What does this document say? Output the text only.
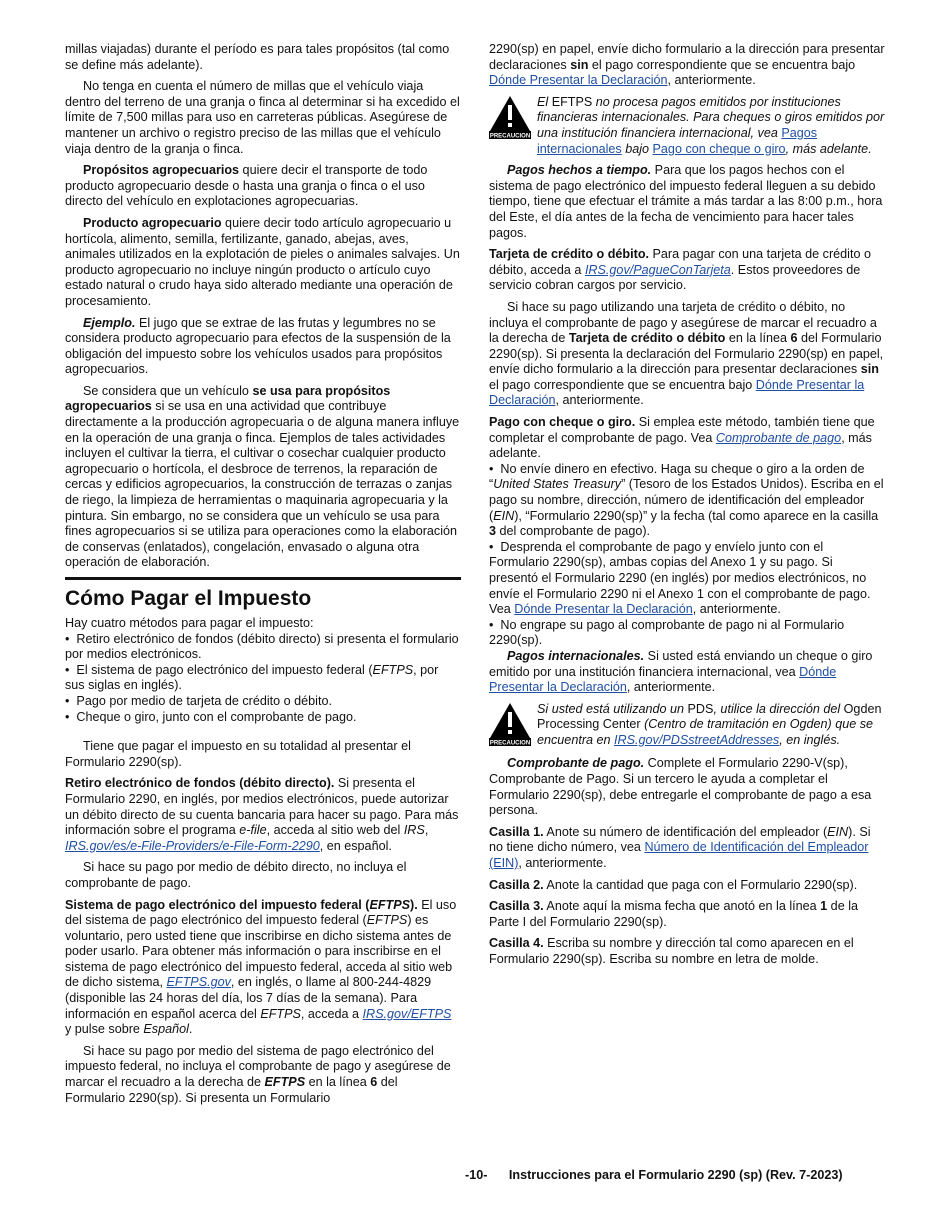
millas viajadas) durante el período es para tales propósitos (tal como se define más adelante).

No tenga en cuenta el número de millas que el vehículo viaja dentro del terreno de una granja o finca al determinar si ha excedido el límite de 7,500 millas para uso en carreteras públicas. Asegúrese de mantener un archivo o registro preciso de las millas que el vehículo viaja dentro de la granja o finca.

Propósitos agropecuarios quiere decir el transporte de todo producto agropecuario desde o hasta una granja o finca o el uso directo del vehículo en explotaciones agropecuarias.

Producto agropecuario quiere decir todo artículo agropecuario u hortícola, alimento, semilla, fertilizante, ganado, abejas, aves, animales utilizados en la explotación de pieles o animales salvajes. Un producto agropecuario no incluye ningún producto o artículo cuyo estado natural o crudo haya sido alterado mediante una operación de procesamiento.

Ejemplo. El jugo que se extrae de las frutas y legumbres no se considera producto agropecuario para efectos de la suspensión de la obligación del impuesto sobre los vehículos usados para propósitos agropecuarios.

Se considera que un vehículo se usa para propósitos agropecuarios si se usa en una actividad que contribuye directamente a la producción agropecuaria o de alguna manera influye en la operación de una granja o finca. Ejemplos de tales actividades incluyen el cultivar la tierra, el cultivar o cosechar cualquier producto agropecuario o hortícola, el desbroce de terrenos, la reparación de cercas y edificios agropecuarios, la construcción de terrazas o zanjas de riego, la limpieza de herramientas o maquinaria agropecuaria y la pintura. Sin embargo, no se considera que un vehículo se usa para fines agropecuarios si se utiliza para operaciones como la elaboración de conservas (enlatados), congelación, envasado o alguna otra operación de elaboración.

Cómo Pagar el Impuesto

Hay cuatro métodos para pagar el impuesto:

•  Retiro electrónico de fondos (débito directo) si presenta el formulario por medios electrónicos.
•  El sistema de pago electrónico del impuesto federal (EFTPS, por sus siglas en inglés).
•  Pago por medio de tarjeta de crédito o débito.
•  Cheque o giro, junto con el comprobante de pago.

Tiene que pagar el impuesto en su totalidad al presentar el Formulario 2290(sp).

Retiro electrónico de fondos (débito directo). Si presenta el Formulario 2290, en inglés, por medios electrónicos, puede autorizar un débito directo de su cuenta bancaria para hacer su pago. Para más información sobre el programa e-file, acceda al sitio web del IRS, IRS.gov/es/e-File-Providers/e-File-Form-2290, en español.

Si hace su pago por medio de débito directo, no incluya el comprobante de pago.

Sistema de pago electrónico del impuesto federal (EFTPS). El uso del sistema de pago electrónico del impuesto federal (EFTPS) es voluntario, pero usted tiene que inscribirse en dicho sistema antes de poder usarlo. Para obtener más información o para inscribirse en el sistema de pago electrónico del impuesto federal, acceda al sitio web de dicho sistema, EFTPS.gov, en inglés, o llame al 800-244-4829 (disponible las 24 horas del día, los 7 días de la semana). Para información en español acerca del EFTPS, acceda a IRS.gov/EFTPS y pulse sobre Español.

Si hace su pago por medio del sistema de pago electrónico del impuesto federal, no incluya el comprobante de pago y asegúrese de marcar el recuadro a la derecha de EFTPS en la línea 6 del Formulario 2290(sp). Si presenta un Formulario

2290(sp) en papel, envíe dicho formulario a la dirección para presentar declaraciones sin el pago correspondiente que se encuentra bajo Dónde Presentar la Declaración, anteriormente.

PRECAUCION
El EFTPS no procesa pagos emitidos por instituciones financieras internacionales. Para cheques o giros emitidos por una institución financiera internacional, vea Pagos internacionales bajo Pago con cheque o giro, más adelante.

Pagos hechos a tiempo. Para que los pagos hechos con el sistema de pago electrónico del impuesto federal lleguen a su debido tiempo, tiene que efectuar el trámite a más tardar a las 8:00 p.m., hora del Este, el día antes de la fecha de vencimiento para hacer tales pagos.

Tarjeta de crédito o débito. Para pagar con una tarjeta de crédito o débito, acceda a IRS.gov/PagueConTarjeta. Estos proveedores de servicio cobran cargos por servicio.

Si hace su pago utilizando una tarjeta de crédito o débito, no incluya el comprobante de pago y asegúrese de marcar el recuadro a la derecha de Tarjeta de crédito o débito en la línea 6 del Formulario 2290(sp). Si presenta la declaración del Formulario 2290(sp) en papel, envíe dicho formulario a la dirección para presentar declaraciones sin el pago correspondiente que se encuentra bajo Dónde Presentar la Declaración, anteriormente.

Pago con cheque o giro. Si emplea este método, también tiene que completar el comprobante de pago. Vea Comprobante de pago, más adelante.

•  No envíe dinero en efectivo. Haga su cheque o giro a la orden de “United States Treasury” (Tesoro de los Estados Unidos). Escriba en el pago su nombre, dirección, número de identificación del empleador (EIN), “Formulario 2290(sp)” y la fecha (tal como aparece en la casilla 3 del comprobante de pago).
•  Desprenda el comprobante de pago y envíelo junto con el Formulario 2290(sp), ambas copias del Anexo 1 y su pago. Si presentó el Formulario 2290 (en inglés) por medios electrónicos, no envíe el Formulario 2290 ni el Anexo 1 con el comprobante de pago. Vea Dónde Presentar la Declaración, anteriormente.
•  No engrape su pago al comprobante de pago ni al Formulario 2290(sp).

Pagos internacionales. Si usted está enviando un cheque o giro emitido por una institución financiera internacional, vea Dónde Presentar la Declaración, anteriormente.

PRECAUCION
Si usted está utilizando un PDS, utilice la dirección del Ogden Processing Center (Centro de tramitación en Ogden) que se encuentra en IRS.gov/PDSstreetAddresses, en inglés.

Comprobante de pago. Complete el Formulario 2290-V(sp), Comprobante de Pago. Si un tercero le ayuda a completar el Formulario 2290(sp), debe entregarle el comprobante de pago a esa persona.

Casilla 1. Anote su número de identificación del empleador (EIN). Si no tiene dicho número, vea Número de Identificación del Empleador (EIN), anteriormente.

Casilla 2. Anote la cantidad que paga con el Formulario 2290(sp).

Casilla 3. Anote aquí la misma fecha que anotó en la línea 1 de la Parte I del Formulario 2290(sp).

Casilla 4. Escriba su nombre y dirección tal como aparecen en el Formulario 2290(sp). Escriba su nombre en letra de molde.

-10- Instrucciones para el Formulario 2290 (sp) (Rev. 7-2023)
